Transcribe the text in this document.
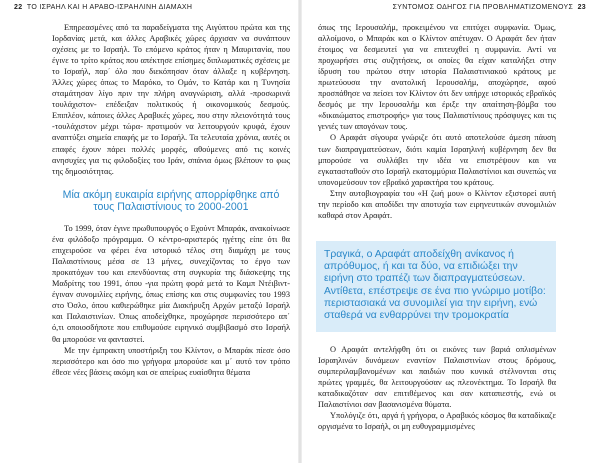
22 ΤΟ ΙΣΡΑΗΛ ΚΑΙ Η ΑΡΑΒΟ-ΙΣΡΑΗΛΙΝΗ ΔΙΑΜΑΧΗ

Επηρεασμένες από τα παραδείγματα της Αιγύπτου πρώτα και της Ιορδανίας μετά, και άλλες Αραβικές χώρες άρχισαν να συνάπτουν σχέσεις με το Ισραήλ. Το επόμενο κράτος ήταν η Μαυριτανία, που έγινε το τρίτο κράτος που απέκτησε επίσημες διπλωματικές σχέσεις με το Ισραήλ, παρ΄ όλο που διεκόπησαν όταν άλλαξε η κυβέρνηση. Άλλες χώρες όπως το Μαρόκο, το Ομάν, το Κατάρ και η Τυνησία σταμάτησαν λίγο πριν την πλήρη αναγνώριση, αλλά -προσωρινά τουλάχιστον- επέδειξαν πολιτικούς ή οικονομικούς δεσμούς. Επιπλέον, κάποιες άλλες Αραβικές χώρες, που στην πλειονότητά τους -τουλάχιστον μέχρι τώρα- προτιμούν να λειτουργούν κρυφά, έχουν αναπτύξει σημεία επαφής με το Ισραήλ. Τα τελευταία χρόνια, αυτές οι επαφές έχουν πάρει πολλές μορφές, αθούμενες από τις κοινές ανησυχίες για τις φιλοδοξίες του Ιράν, σπάνια όμως βλέπουν το φως της δημοσιότητας.

Μία ακόμη ευκαιρία ειρήνης απορρίφθηκε από τους Παλαιστίνιους το 2000-2001

Το 1999, όταν έγινε πρωθυπουργός ο Εχούντ Μπαράκ, ανακοίνωσε ένα φιλόδοξο πρόγραμμα. Ο κέντρο-αριστερός ηγέτης είπε ότι θα επιχειρούσε να φέρει ένα ιστορικό τέλος στη διαμάχη με τους Παλαιστίνιους μέσα σε 13 μήνες, συνεχίζοντας το έργο των προκατόχων του και επενδύοντας στη συγκυρία της διάσκεψης της Μαδρίτης του 1991, όπου -για πρώτη φορά μετά το Καμπ Ντέιβιντ- έγιναν συνομιλίες ειρήνης, όπως επίσης και στις συμφωνίες του 1993 στο Όσλο, όπου καθιερώθηκε μία Διακήρυξη Αρχών μεταξύ Ισραήλ και Παλαιστινίων. Όπως αποδείχθηκε, προχώρησε περισσότερο απ΄ ό,τι οποιοσδήποτε που επιθυμούσε ειρηνικό συμβιβασμό στο Ισραήλ θα μπορούσε να φανταστεί.

Με την έμπρακτη υποστήριξη του Κλίντον, ο Μπαράκ πίεσε όσο περισσότερο και όσο πιο γρήγορα μπορούσε και μ΄ αυτό τον τρόπο έθεσε νέες βάσεις ακόμη και σε απείρως ευαίσθητα θέματα

ΣΥΝΤΟΜΟΣ ΟΔΗΓΟΣ ΓΙΑ ΠΡΟΒΛΗΜΑΤΙΖΟΜΕΝΟΥΣ 23

όπως της Ιερουσαλήμ, προκειμένου να επιτύχει συμφωνία. Όμως, αλλοίμονο, ο Μπαράκ και ο Κλίντον απέτυχαν. Ο Αραφάτ δεν ήταν έτοιμος να δεσμευτεί για να επιτευχθεί η συμφωνία. Αντί να προχωρήσει στις συζητήσεις, οι οποίες θα είχαν καταλήξει στην ίδρυση του πρώτου στην ιστορία Παλαιστινιακού κράτους με πρωτεύουσα την ανατολική Ιερουσαλήμ, αποχώρησε, αφού προσπάθησε να πείσει τον Κλίντον ότι δεν υπήρχε ιστορικός εβραϊκός δεσμός με την Ιερουσαλήμ και έριξε την απαίτηση-βόμβα του «δικαιώματος επιστροφής» για τους Παλαιστίνιους πρόσφυγες και τις γενιές των απογόνων τους.

Ο Αραφάτ σίγουρα γνώριζε ότι αυτό αποτελούσε άμεση πάυση των διαπραγματεύσεων, διότι καμία Ισραηλινή κυβέρνηση δεν θα μπορούσε να συλλάβει την ιδέα να επιστρέψουν και να εγκατασταθούν στο Ισραήλ εκατομμύρια Παλαιστίνιοι και συνεπώς να υπονομεύσουν τον εβραϊκό χαρακτήρα του κράτους.

Στην αυτοβιογραφία του «Η ζωή μου» ο Κλίντον εξιστορεί αυτή την περίοδο και αποδίδει την αποτυχία των ειρηνευτικών συνομιλιών καθαρά στον Αραφάτ.

Τραγικά, ο Αραφάτ αποδείχθη ανίκανος ή απρόθυμος, ή και τα δύο, να επιδιώξει την ειρήνη στο τραπέζι των διαπραγματεύσεων. Αντίθετα, επέστρεψε σε ένα πιο γνώριμο μοτίβο: περιστασιακά να συνομιλεί για την ειρήνη, ενώ σταθερά να ενθαρρύνει την τρομοκρατία

Ο Αραφάτ αντελήφθη ότι οι εικόνες των βαριά οπλισμένων Ισραηλινών δυνάμεων εναντίον Παλαιστινίων στους δρόμους, συμπεριλαμβανομένων και παιδιών που κυνικά στέλνονται στις πρώτες γραμμές, θα λειτουργούσαν ως πλεονέκτημα. Το Ισραήλ θα καταδικαζόταν σαν επιτιθέμενος και σαν καταπιεστής, ενώ οι Παλαιστίνιοι σαν βασανισμένα θύματα.

Υπολόγιζε ότι, αργά ή γρήγορα, ο Αραβικός κόσμος θα καταδίκαζε οργισμένα το Ισραήλ, οι μη ευθυγραμμισμένες
